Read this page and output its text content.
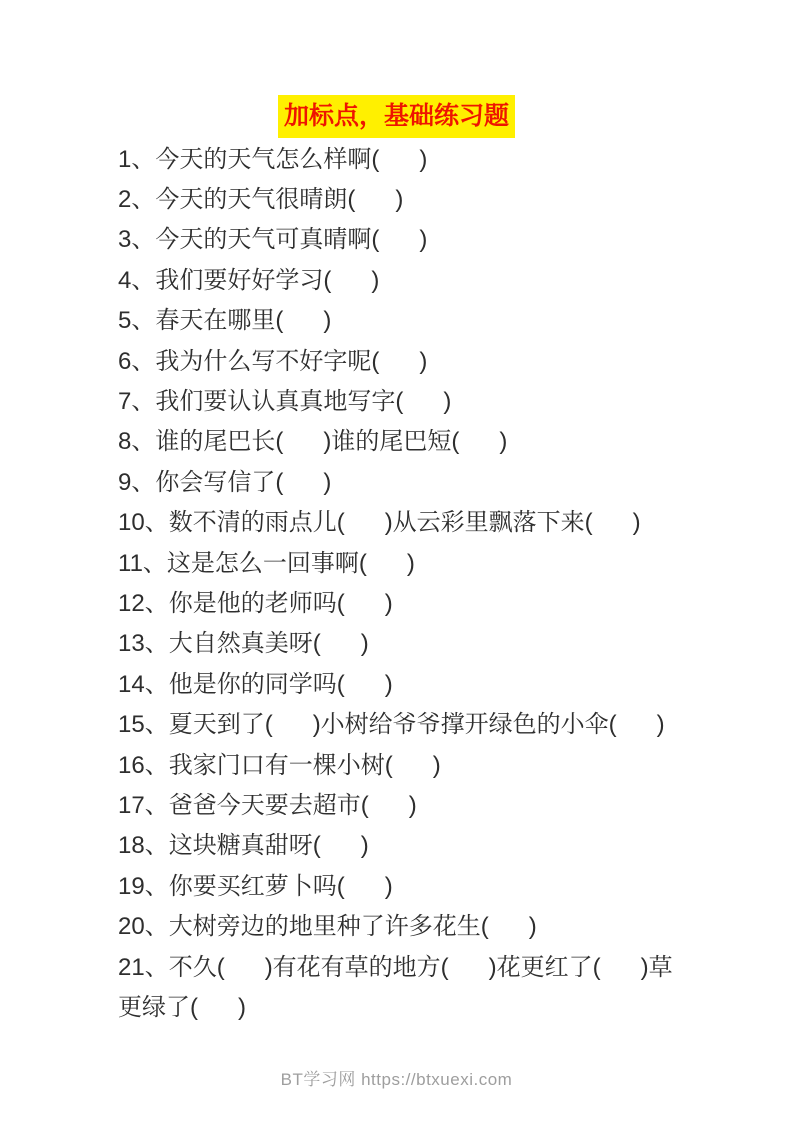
加标点，基础练习题
1、今天的天气怎么样啊(      )
2、今天的天气很晴朗(      )
3、今天的天气可真晴啊(      )
4、我们要好好学习(      )
5、春天在哪里(      )
6、我为什么写不好字呢(      )
7、我们要认认真真地写字(      )
8、谁的尾巴长(      )谁的尾巴短(      )
9、你会写信了(      )
10、数不清的雨点儿(      )从云彩里飘落下来(      )
11、这是怎么一回事啊(      )
12、你是他的老师吗(      )
13、大自然真美呀(      )
14、他是你的同学吗(      )
15、夏天到了(      )小树给爷爷撑开绿色的小伞(      )
16、我家门口有一棵小树(      )
17、爸爸今天要去超市(      )
18、这块糖真甜呀(      )
19、你要买红萝卜吗(      )
20、大树旁边的地里种了许多花生(      )
21、不久(      )有花有草的地方(      )花更红了(      )草更绿了(      )
BT学习网 https://btxuexi.com
